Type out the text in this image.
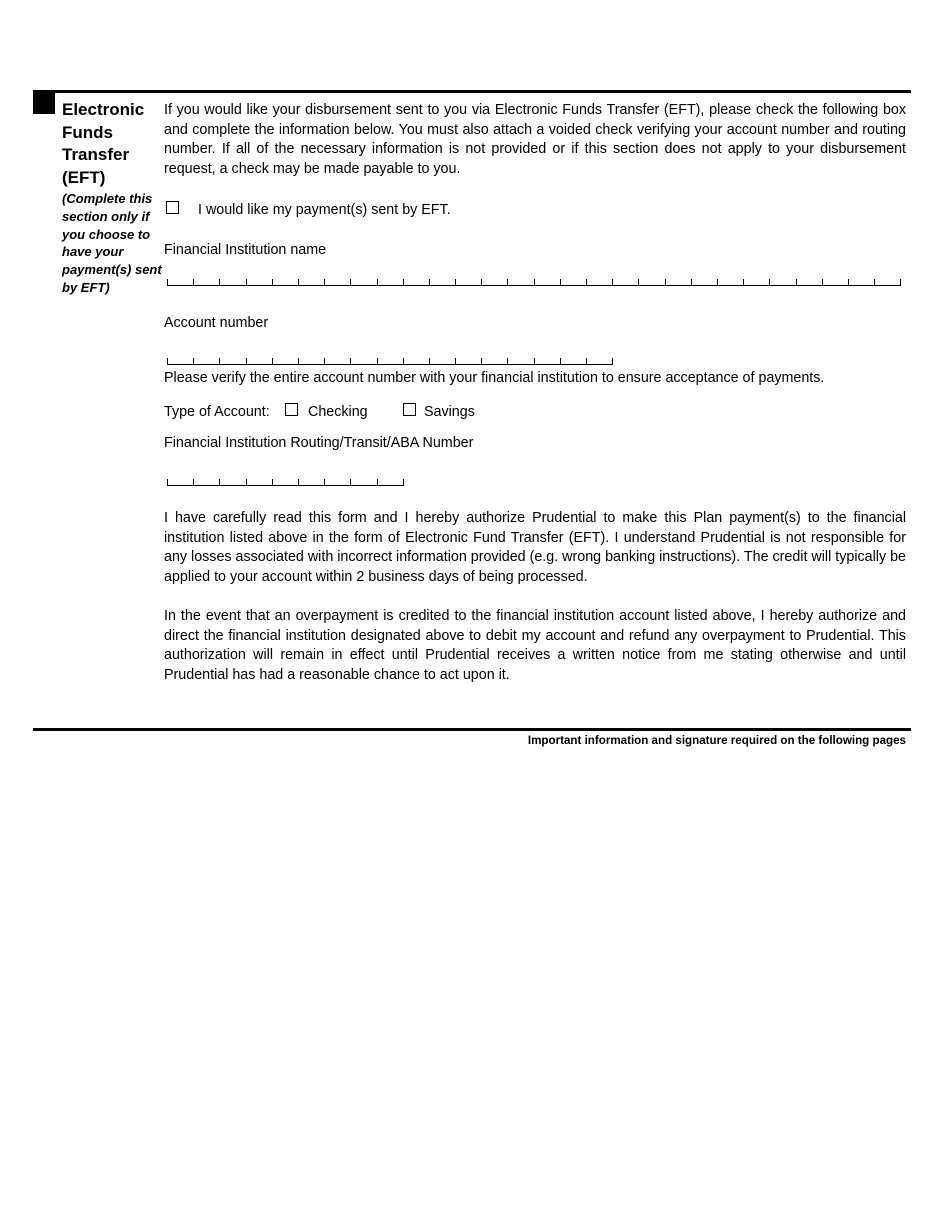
Electronic Funds Transfer (EFT)
(Complete this section only if you choose to have your payment(s) sent by EFT)
If you would like your disbursement sent to you via Electronic Funds Transfer (EFT), please check the following box and complete the information below. You must also attach a voided check verifying your account number and routing number. If all of the necessary information is not provided or if this section does not apply to your disbursement request, a check may be made payable to you.
I would like my payment(s) sent by EFT.
Financial Institution name
Account number
Please verify the entire account number with your financial institution to ensure acceptance of payments.
Type of Account:	Checking	Savings
Financial Institution Routing/Transit/ABA Number
I have carefully read this form and I hereby authorize Prudential to make this Plan payment(s) to the financial institution listed above in the form of Electronic Fund Transfer (EFT). I understand Prudential is not responsible for any losses associated with incorrect information provided (e.g. wrong banking instructions). The credit will typically be applied to your account within 2 business days of being processed.
In the event that an overpayment is credited to the financial institution account listed above, I hereby authorize and direct the financial institution designated above to debit my account and refund any overpayment to Prudential. This authorization will remain in effect until Prudential receives a written notice from me stating otherwise and until Prudential has had a reasonable chance to act upon it.
Important information and signature required on the following pages
